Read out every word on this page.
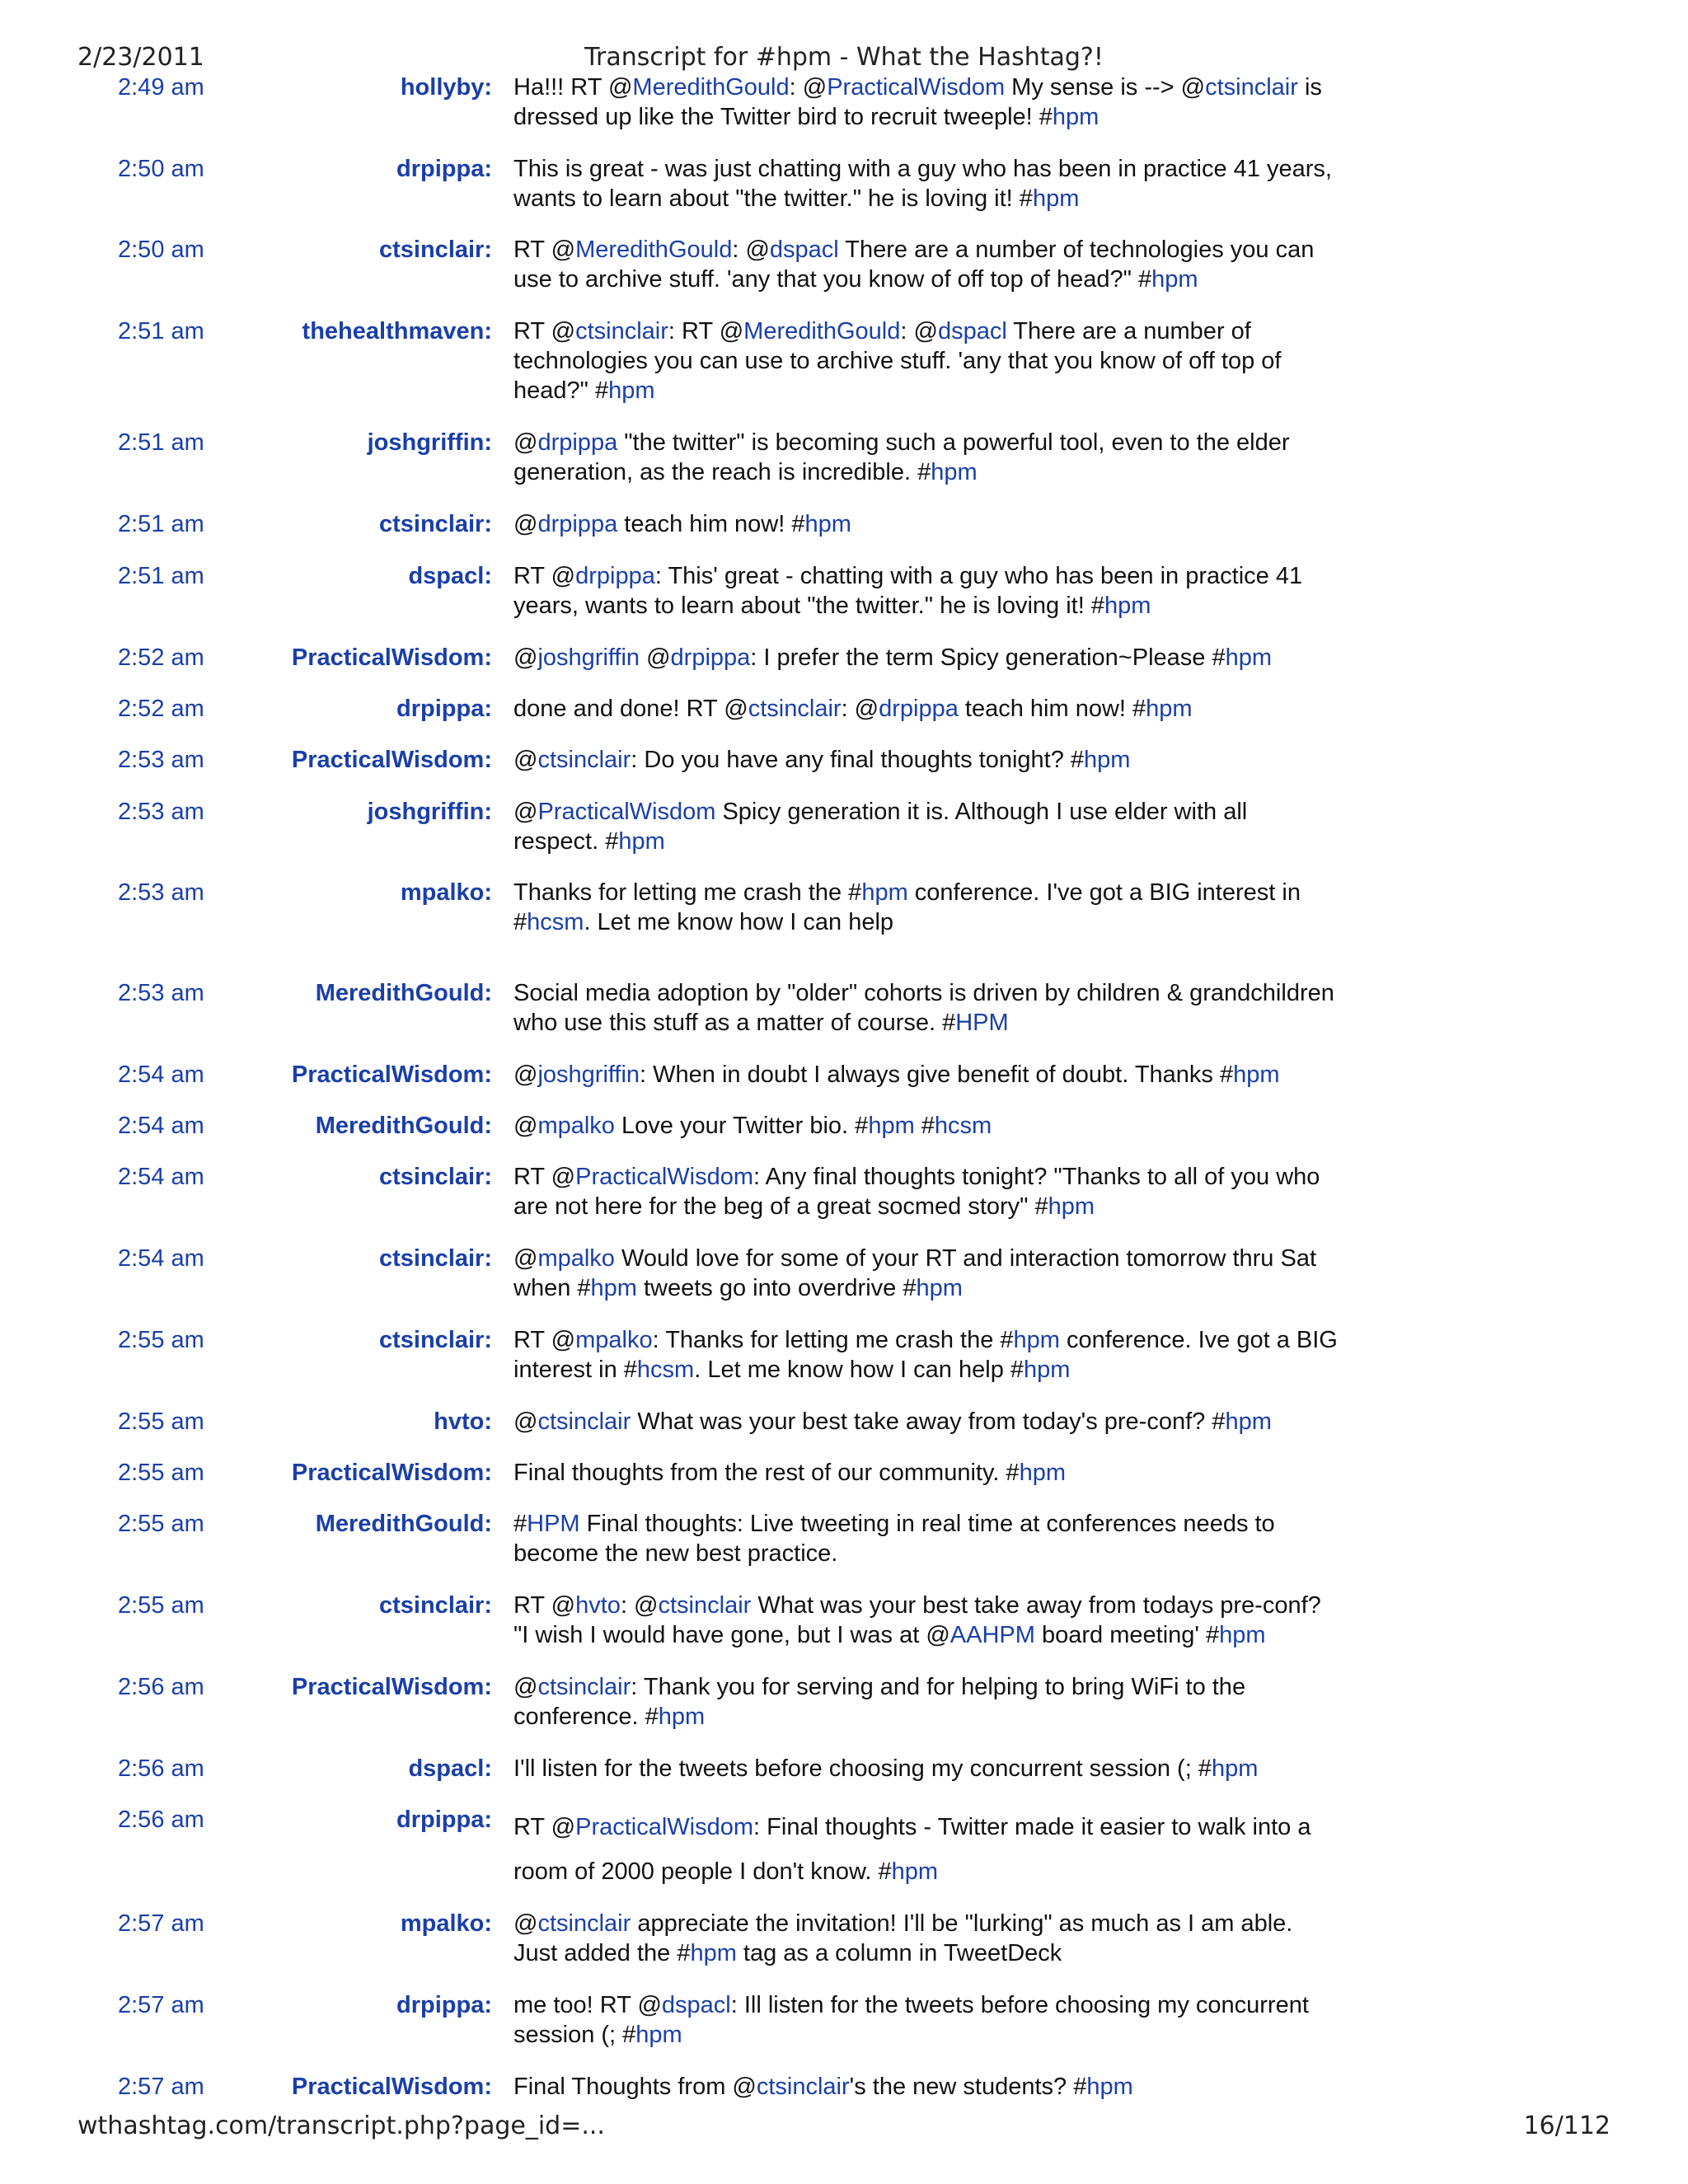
2/23/2011	Transcript for #hpm - What the Hashtag?!
2:49 am	hollyby: Ha!!! RT @MeredithGould: @PracticalWisdom My sense is --> @ctsinclair is dressed up like the Twitter bird to recruit tweeple! #hpm
2:50 am	drpippa: This is great - was just chatting with a guy who has been in practice 41 years, wants to learn about "the twitter." he is loving it! #hpm
2:50 am	ctsinclair: RT @MeredithGould: @dspacl There are a number of technologies you can use to archive stuff. 'any that you know of off top of head?" #hpm
2:51 am	thehealthmaven: RT @ctsinclair: RT @MeredithGould: @dspacl There are a number of technologies you can use to archive stuff. 'any that you know of off top of head?" #hpm
2:51 am	joshgriffin: @drpippa "the twitter" is becoming such a powerful tool, even to the elder generation, as the reach is incredible. #hpm
2:51 am	ctsinclair: @drpippa teach him now! #hpm
2:51 am	dspacl: RT @drpippa: This' great - chatting with a guy who has been in practice 41 years, wants to learn about "the twitter." he is loving it! #hpm
2:52 am	PracticalWisdom: @joshgriffin @drpippa: I prefer the term Spicy generation~Please #hpm
2:52 am	drpippa: done and done! RT @ctsinclair: @drpippa teach him now! #hpm
2:53 am	PracticalWisdom: @ctsinclair: Do you have any final thoughts tonight? #hpm
2:53 am	joshgriffin: @PracticalWisdom Spicy generation it is. Although I use elder with all respect. #hpm
2:53 am	mpalko: Thanks for letting me crash the #hpm conference. I've got a BIG interest in #hcsm. Let me know how I can help
2:53 am	MeredithGould: Social media adoption by "older" cohorts is driven by children & grandchildren who use this stuff as a matter of course. #HPM
2:54 am	PracticalWisdom: @joshgriffin: When in doubt I always give benefit of doubt. Thanks #hpm
2:54 am	MeredithGould: @mpalko Love your Twitter bio. #hpm #hcsm
2:54 am	ctsinclair: RT @PracticalWisdom: Any final thoughts tonight? "Thanks to all of you who are not here for the beg of a great socmed story" #hpm
2:54 am	ctsinclair: @mpalko Would love for some of your RT and interaction tomorrow thru Sat when #hpm tweets go into overdrive #hpm
2:55 am	ctsinclair: RT @mpalko: Thanks for letting me crash the #hpm conference. Ive got a BIG interest in #hcsm. Let me know how I can help #hpm
2:55 am	hvto: @ctsinclair What was your best take away from today's pre-conf? #hpm
2:55 am	PracticalWisdom: Final thoughts from the rest of our community. #hpm
2:55 am	MeredithGould: #HPM Final thoughts: Live tweeting in real time at conferences needs to become the new best practice.
2:55 am	ctsinclair: RT @hvto: @ctsinclair What was your best take away from todays pre-conf? "I wish I would have gone, but I was at @AAHPM board meeting' #hpm
2:56 am	PracticalWisdom: @ctsinclair: Thank you for serving and for helping to bring WiFi to the conference. #hpm
2:56 am	dspacl: I'll listen for the tweets before choosing my concurrent session (; #hpm
2:56 am	drpippa: RT @PracticalWisdom: Final thoughts - Twitter made it easier to walk into a room of 2000 people I don't know. #hpm
2:57 am	mpalko: @ctsinclair appreciate the invitation! I'll be "lurking" as much as I am able. Just added the #hpm tag as a column in TweetDeck
2:57 am	drpippa: me too! RT @dspacl: Ill listen for the tweets before choosing my concurrent session (; #hpm
2:57 am	PracticalWisdom: Final Thoughts from @ctsinclair's the new students? #hpm
wthashtag.com/transcript.php?page_id=...	16/112
